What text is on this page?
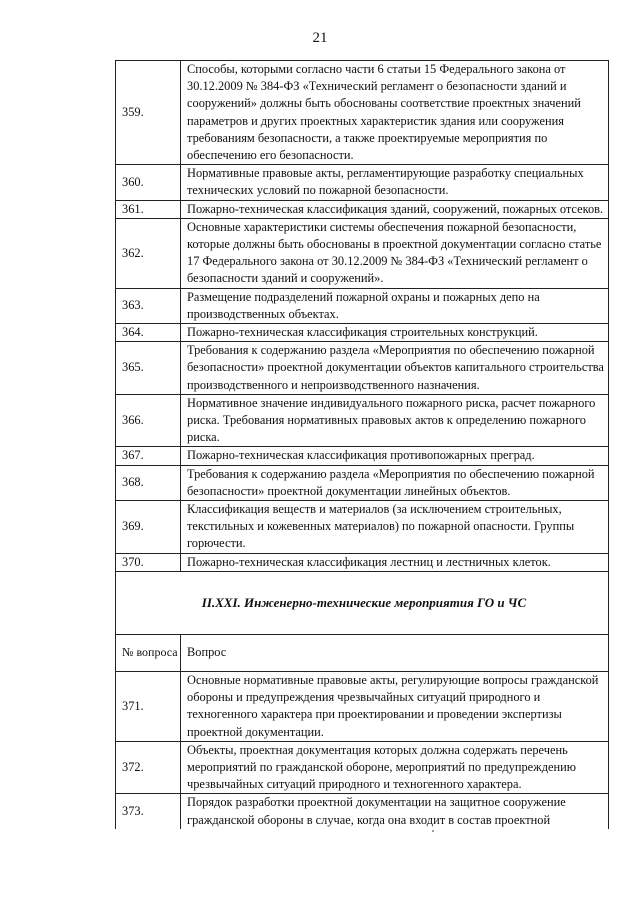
21
359.	Способы, которыми согласно части 6 статьи 15 Федерального закона от 30.12.2009 № 384-ФЗ «Технический регламент о безопасности зданий и сооружений» должны быть обоснованы соответствие проектных значений параметров и других проектных характеристик здания или сооружения требованиям безопасности, а также проектируемые мероприятия по обеспечению его безопасности.
360.	Нормативные правовые акты, регламентирующие разработку специальных технических условий по пожарной безопасности.
361.	Пожарно-техническая классификация зданий, сооружений, пожарных отсеков.
362.	Основные характеристики системы обеспечения пожарной безопасности, которые должны быть обоснованы в проектной документации согласно статье 17 Федерального закона от 30.12.2009 № 384-ФЗ «Технический регламент о безопасности зданий и сооружений».
363.	Размещение подразделений пожарной охраны и пожарных депо на производственных объектах.
364.	Пожарно-техническая классификация строительных конструкций.
365.	Требования к содержанию раздела «Мероприятия по обеспечению пожарной безопасности» проектной документации объектов капитального строительства производственного и непроизводственного назначения.
366.	Нормативное значение индивидуального пожарного риска, расчет пожарного риска. Требования нормативных правовых актов к определению пожарного риска.
367.	Пожарно-техническая классификация противопожарных преград.
368.	Требования к содержанию раздела «Мероприятия по обеспечению пожарной безопасности» проектной документации линейных объектов.
369.	Классификация веществ и материалов (за исключением строительных, текстильных и кожевенных материалов) по пожарной опасности. Группы горючести.
370.	Пожарно-техническая классификация лестниц и лестничных клеток.
II.XXI. Инженерно-технические мероприятия ГО и ЧС	
№ вопроса	Вопрос
371.	Основные нормативные правовые акты, регулирующие вопросы гражданской обороны и предупреждения чрезвычайных ситуаций природного и техногенного характера при проектировании и проведении экспертизы проектной документации.
372.	Объекты, проектная документация которых должна содержать перечень мероприятий по гражданской обороне, мероприятий по предупреждению чрезвычайных ситуаций природного и техногенного характера.
373.	Порядок разработки проектной документации на защитное сооружение гражданской обороны в случае, когда она входит в состав проектной
